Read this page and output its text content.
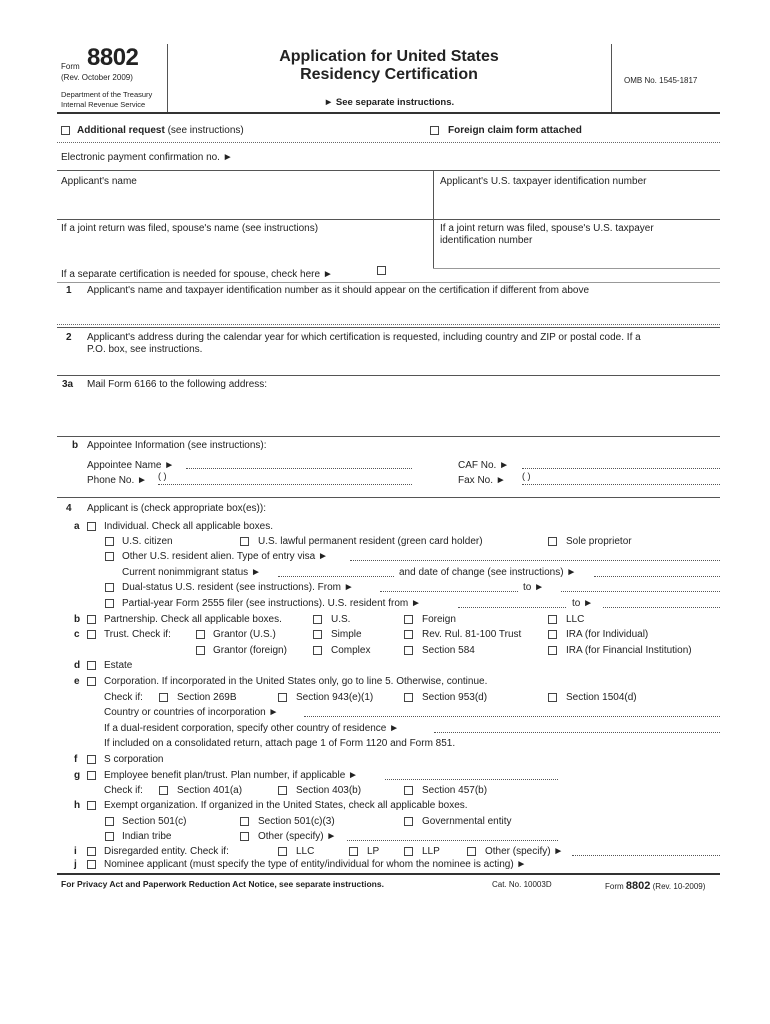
Form 8802
(Rev. October 2009)
Department of the Treasury
Internal Revenue Service
Application for United States
Residency Certification
► See separate instructions.
OMB No. 1545-1817
Additional request (see instructions)	Foreign claim form attached
Electronic payment confirmation no. ►
Applicant's name	Applicant's U.S. taxpayer identification number
If a joint return was filed, spouse's name (see instructions)	If a joint return was filed, spouse's U.S. taxpayer
identification number
If a separate certification is needed for spouse, check here ►
1 Applicant's name and taxpayer identification number as it should appear on the certification if different from above
2 Applicant's address during the calendar year for which certification is requested, including country and ZIP or postal code. If a
P.O. box, see instructions.
3a Mail Form 6166 to the following address:
b Appointee Information (see instructions):
Appointee Name ►	CAF No. ►
Phone No. ► ( )	Fax No. ► ( )
4 Applicant is (check appropriate box(es)):
a Individual. Check all applicable boxes.
U.S. citizen	U.S. lawful permanent resident (green card holder)	Sole proprietor
Other U.S. resident alien. Type of entry visa ►
Current nonimmigrant status ►	and date of change (see instructions) ►
Dual-status U.S. resident (see instructions). From ►	to ►
Partial-year Form 2555 filer (see instructions). U.S. resident from ►	to ►
b Partnership. Check all applicable boxes.	U.S.	Foreign	LLC
c Trust. Check if:	Grantor (U.S.)	Simple	Rev. Rul. 81-100 Trust	IRA (for Individual)
Grantor (foreign)	Complex	Section 584	IRA (for Financial Institution)
d Estate
e Corporation. If incorporated in the United States only, go to line 5. Otherwise, continue.
Check if:	Section 269B	Section 943(e)(1)	Section 953(d)	Section 1504(d)
Country or countries of incorporation ►
If a dual-resident corporation, specify other country of residence ►
If included on a consolidated return, attach page 1 of Form 1120 and Form 851.
f	S corporation
g Employee benefit plan/trust. Plan number, if applicable ►
Check if:	Section 401(a)	Section 403(b)	Section 457(b)
h Exempt organization. If organized in the United States, check all applicable boxes.
Section 501(c)	Section 501(c)(3)	Governmental entity
Indian tribe	Other (specify) ►
i	Disregarded entity. Check if:	LLC	LP	LLP	Other (specify) ►
j	Nominee applicant (must specify the type of entity/individual for whom the nominee is acting) ►
For Privacy Act and Paperwork Reduction Act Notice, see separate instructions.	Cat. No. 10003D	Form 8802 (Rev. 10-2009)
